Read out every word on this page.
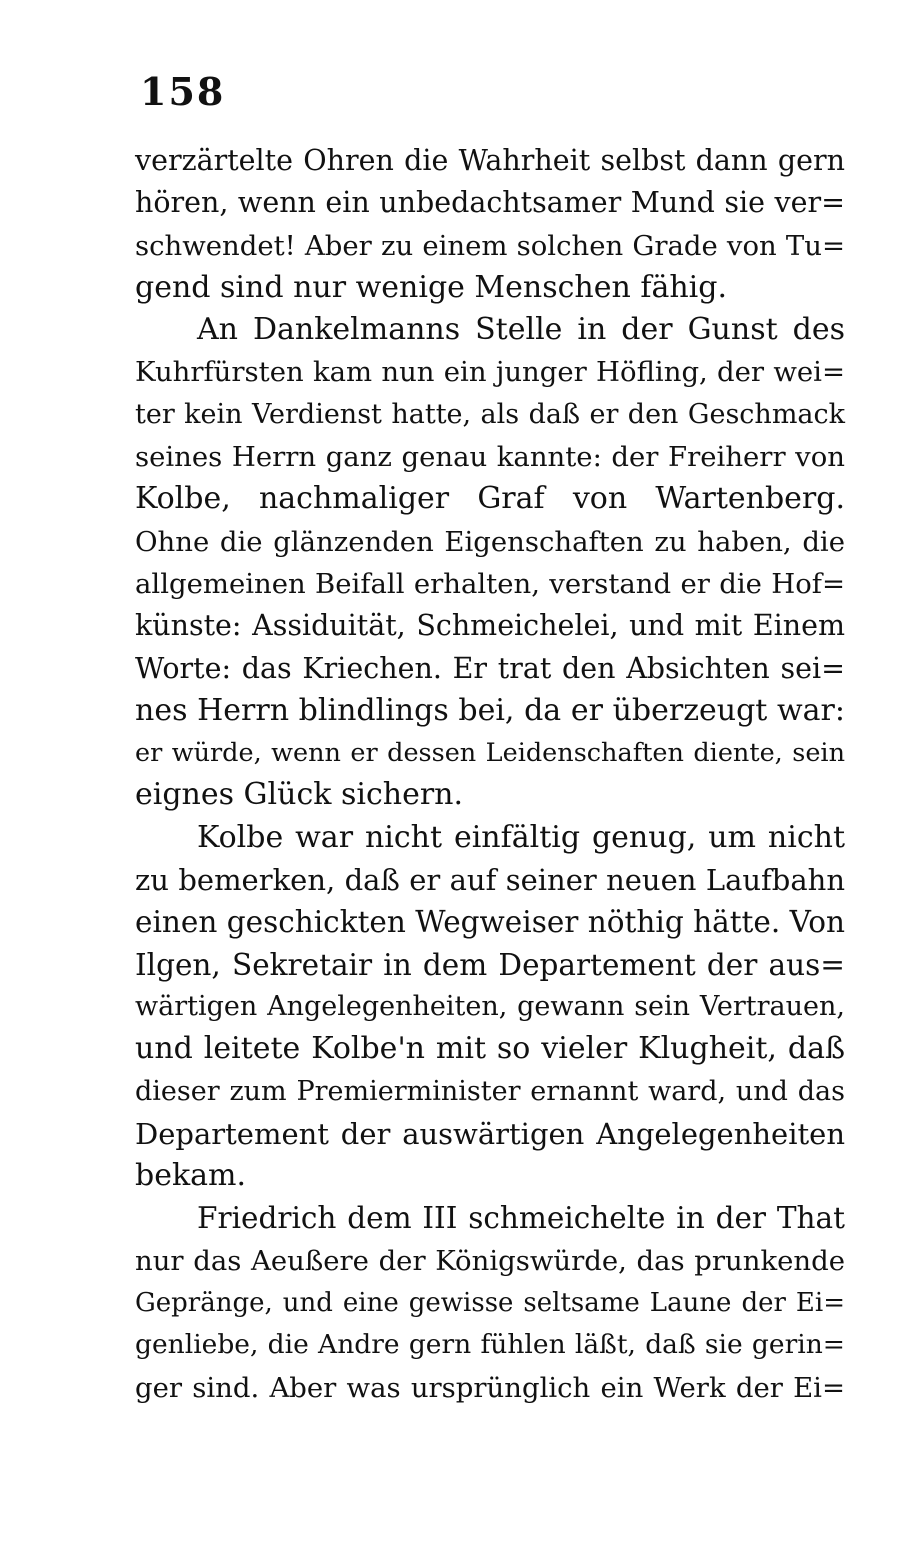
158
verzärtelte Ohren die Wahrheit selbst dann gern
hören, wenn ein unbedachtsamer Mund sie ver=
schwendet! Aber zu einem solchen Grade von Tu=
gend sind nur wenige Menschen fähig.
An Dankelmanns Stelle in der Gunst des
Kuhrfürsten kam nun ein junger Höfling, der wei=
ter kein Verdienst hatte, als daß er den Geschmack
seines Herrn ganz genau kannte: der Freiherr von
Kolbe, nachmaliger Graf von Wartenberg.
Ohne die glänzenden Eigenschaften zu haben, die
allgemeinen Beifall erhalten, verstand er die Hof=
künste: Assiduität, Schmeichelei, und mit Einem
Worte: das Kriechen. Er trat den Absichten sei=
nes Herrn blindlings bei, da er überzeugt war:
er würde, wenn er dessen Leidenschaften diente, sein
eignes Glück sichern.
Kolbe war nicht einfältig genug, um nicht
zu bemerken, daß er auf seiner neuen Laufbahn
einen geschickten Wegweiser nöthig hätte. Von
Ilgen, Sekretair in dem Departement der aus=
wärtigen Angelegenheiten, gewann sein Vertrauen,
und leitete Kolbe'n mit so vieler Klugheit, daß
dieser zum Premierminister ernannt ward, und das
Departement der auswärtigen Angelegenheiten
bekam.
Friedrich dem III schmeichelte in der That
nur das Aeußere der Königswürde, das prunkende
Gepränge, und eine gewisse seltsame Laune der Ei=
genliebe, die Andre gern fühlen läßt, daß sie gerin=
ger sind. Aber was ursprünglich ein Werk der Ei=
